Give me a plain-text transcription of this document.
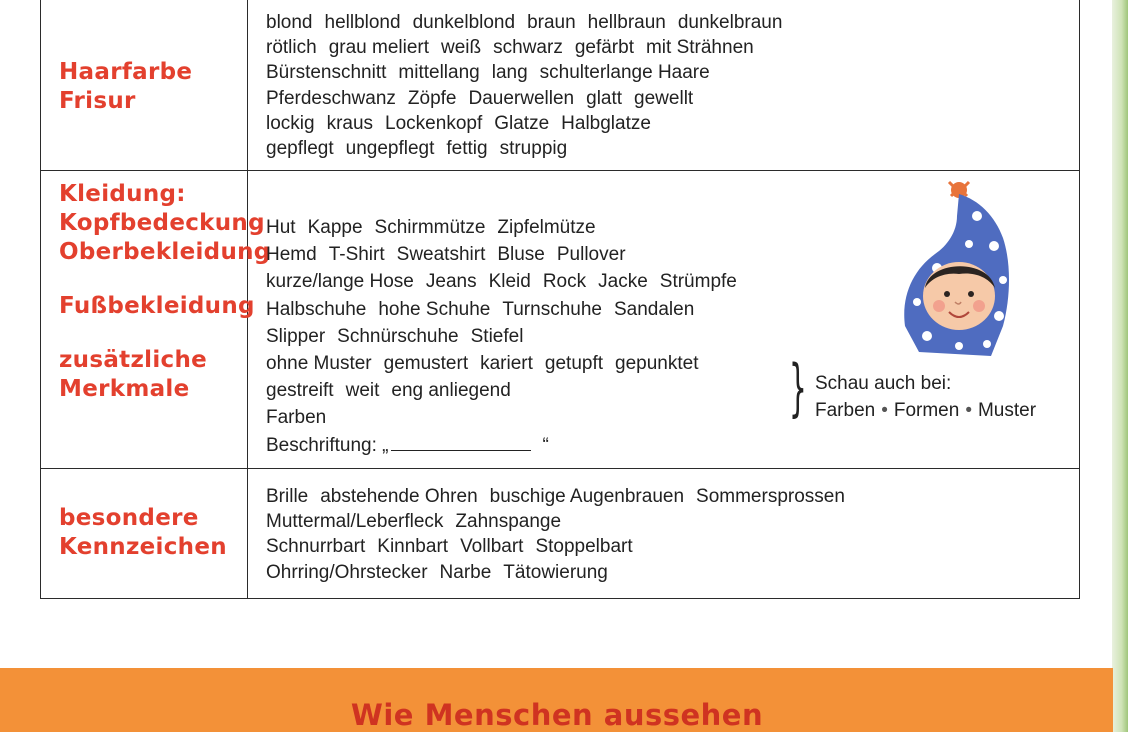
Haarfarbe
Frisur
blond hellblond dunkelblond braun hellbraun dunkelbraun
rötlich grau meliert weiß schwarz gefärbt mit Strähnen
Bürstenschnitt mittellang lang schulterlange Haare
Pferdeschwanz Zöpfe Dauerwellen glatt gewellt
lockig kraus Lockenkopf Glatze Halbglatze
gepflegt ungepflegt fettig struppig
Kleidung:
Kopfbedeckung
Oberbekleidung
Fußbekleidung
zusätzliche
Merkmale
Hut Kappe Schirmmütze Zipfelmütze
Hemd T-Shirt Sweatshirt Bluse Pullover
kurze/lange Hose Jeans Kleid Rock Jacke Strümpfe
Halbschuhe hohe Schuhe Turnschuhe Sandalen
Slipper Schnürschuhe Stiefel
ohne Muster gemustert kariert getupft gepunktet
gestreift weit eng anliegend
Farben
Beschriftung: „	“
} Schau auch bei:
Farben • Formen • Muster
besondere
Kennzeichen
Brille abstehende Ohren buschige Augenbrauen Sommersprossen
Muttermal/Leberfleck Zahnspange
Schnurrbart Kinnbart Vollbart Stoppelbart
Ohrring/Ohrstecker Narbe Tätowierung
Wie Menschen aussehen
